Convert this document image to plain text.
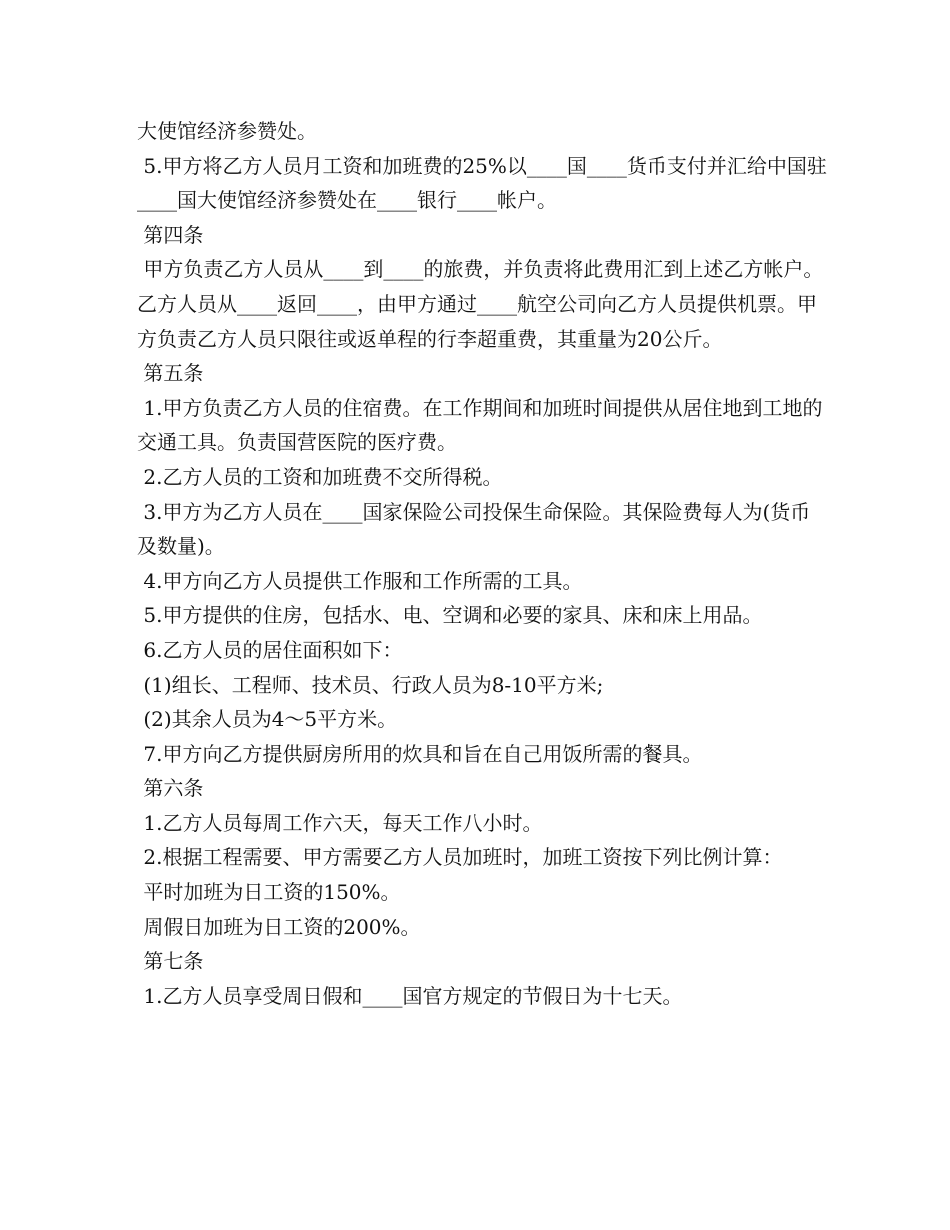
大使馆经济参赞处。

5.甲方将乙方人员月工资和加班费的25%以____国____货币支付并汇给中国驻____国大使馆经济参赞处在____银行____帐户。

第四条

甲方负责乙方人员从____到____的旅费，并负责将此费用汇到上述乙方帐户。乙方人员从____返回____，由甲方通过____航空公司向乙方人员提供机票。甲方负责乙方人员只限往或返单程的行李超重费，其重量为20公斤。

第五条

1.甲方负责乙方人员的住宿费。在工作期间和加班时间提供从居住地到工地的交通工具。负责国营医院的医疗费。

2.乙方人员的工资和加班费不交所得税。

3.甲方为乙方人员在____国家保险公司投保生命保险。其保险费每人为(货币及数量)。

4.甲方向乙方人员提供工作服和工作所需的工具。

5.甲方提供的住房，包括水、电、空调和必要的家具、床和床上用品。

6.乙方人员的居住面积如下：

(1)组长、工程师、技术员、行政人员为8-10平方米;

(2)其余人员为4～5平方米。

7.甲方向乙方提供厨房所用的炊具和旨在自己用饭所需的餐具。

第六条

1.乙方人员每周工作六天，每天工作八小时。

2.根据工程需要、甲方需要乙方人员加班时，加班工资按下列比例计算：

平时加班为日工资的150%。

周假日加班为日工资的200%。

第七条

1.乙方人员享受周日假和____国官方规定的节假日为十七天。
